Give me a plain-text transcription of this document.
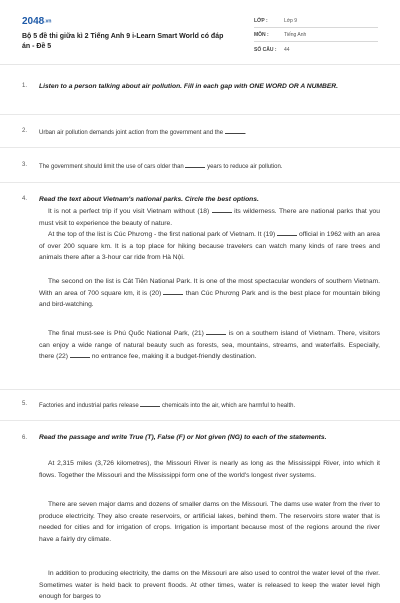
2048.vn
Bộ 5 đề thi giữa kì 2 Tiếng Anh 9 i-Learn Smart World có đáp án - Đề 5
LỚP :	Lớp 9
MÔN :	Tiếng Anh
SỐ CÂU : 44
1. Listen to a person talking about air pollution. Fill in each gap with ONE WORD OR A NUMBER.
2. Urban air pollution demands joint action from the government and the	.
3. The government should limit the use of cars older than	years to reduce air pollution.
4. Read the text about Vietnam's national parks. Circle the best options.
It is not a perfect trip if you visit Vietnam without (18)	its wilderness. There are national parks that you must visit to experience the beauty of nature.
At the top of the list is Cúc Phương - the first national park of Vietnam. It (19)	official in 1962 with an area of over 200 square km. It is a top place for hiking because travelers can watch many kinds of rare trees and animals there after a 3-hour car ride from Hà Nội.
The second on the list is Cát Tiên National Park. It is one of the most spectacular wonders of southern Vietnam. With an area of 700 square km, it is (20)	than Cúc Phương Park and is the best place for mountain biking and bird-watching.
The final must-see is Phú Quốc National Park, (21)	is on a southern island of Vietnam. There, visitors can enjoy a wide range of natural beauty such as forests, sea, mountains, streams, and waterfalls. Especially, there (22)	no entrance fee, making it a budget-friendly destination.
5. Factories and industrial parks release	chemicals into the air, which are harmful to health.
6. Read the passage and write True (T), False (F) or Not given (NG) to each of the statements.
At 2,315 miles (3,726 kilometres), the Missouri River is nearly as long as the Mississippi River, into which it flows. Together the Missouri and the Mississippi form one of the world's longest river systems.
There are seven major dams and dozens of smaller dams on the Missouri. The dams use water from the river to produce electricity. They also create reservoirs, or artificial lakes, behind them. The reservoirs store water that is needed for cities and for irrigation of crops. Irrigation is important because most of the regions around the river have a fairly dry climate.
In addition to producing electricity, the dams on the Missouri are also used to control the water level of the river. Sometimes water is held back to prevent floods. At other times, water is released to keep the water level high enough for barges to
